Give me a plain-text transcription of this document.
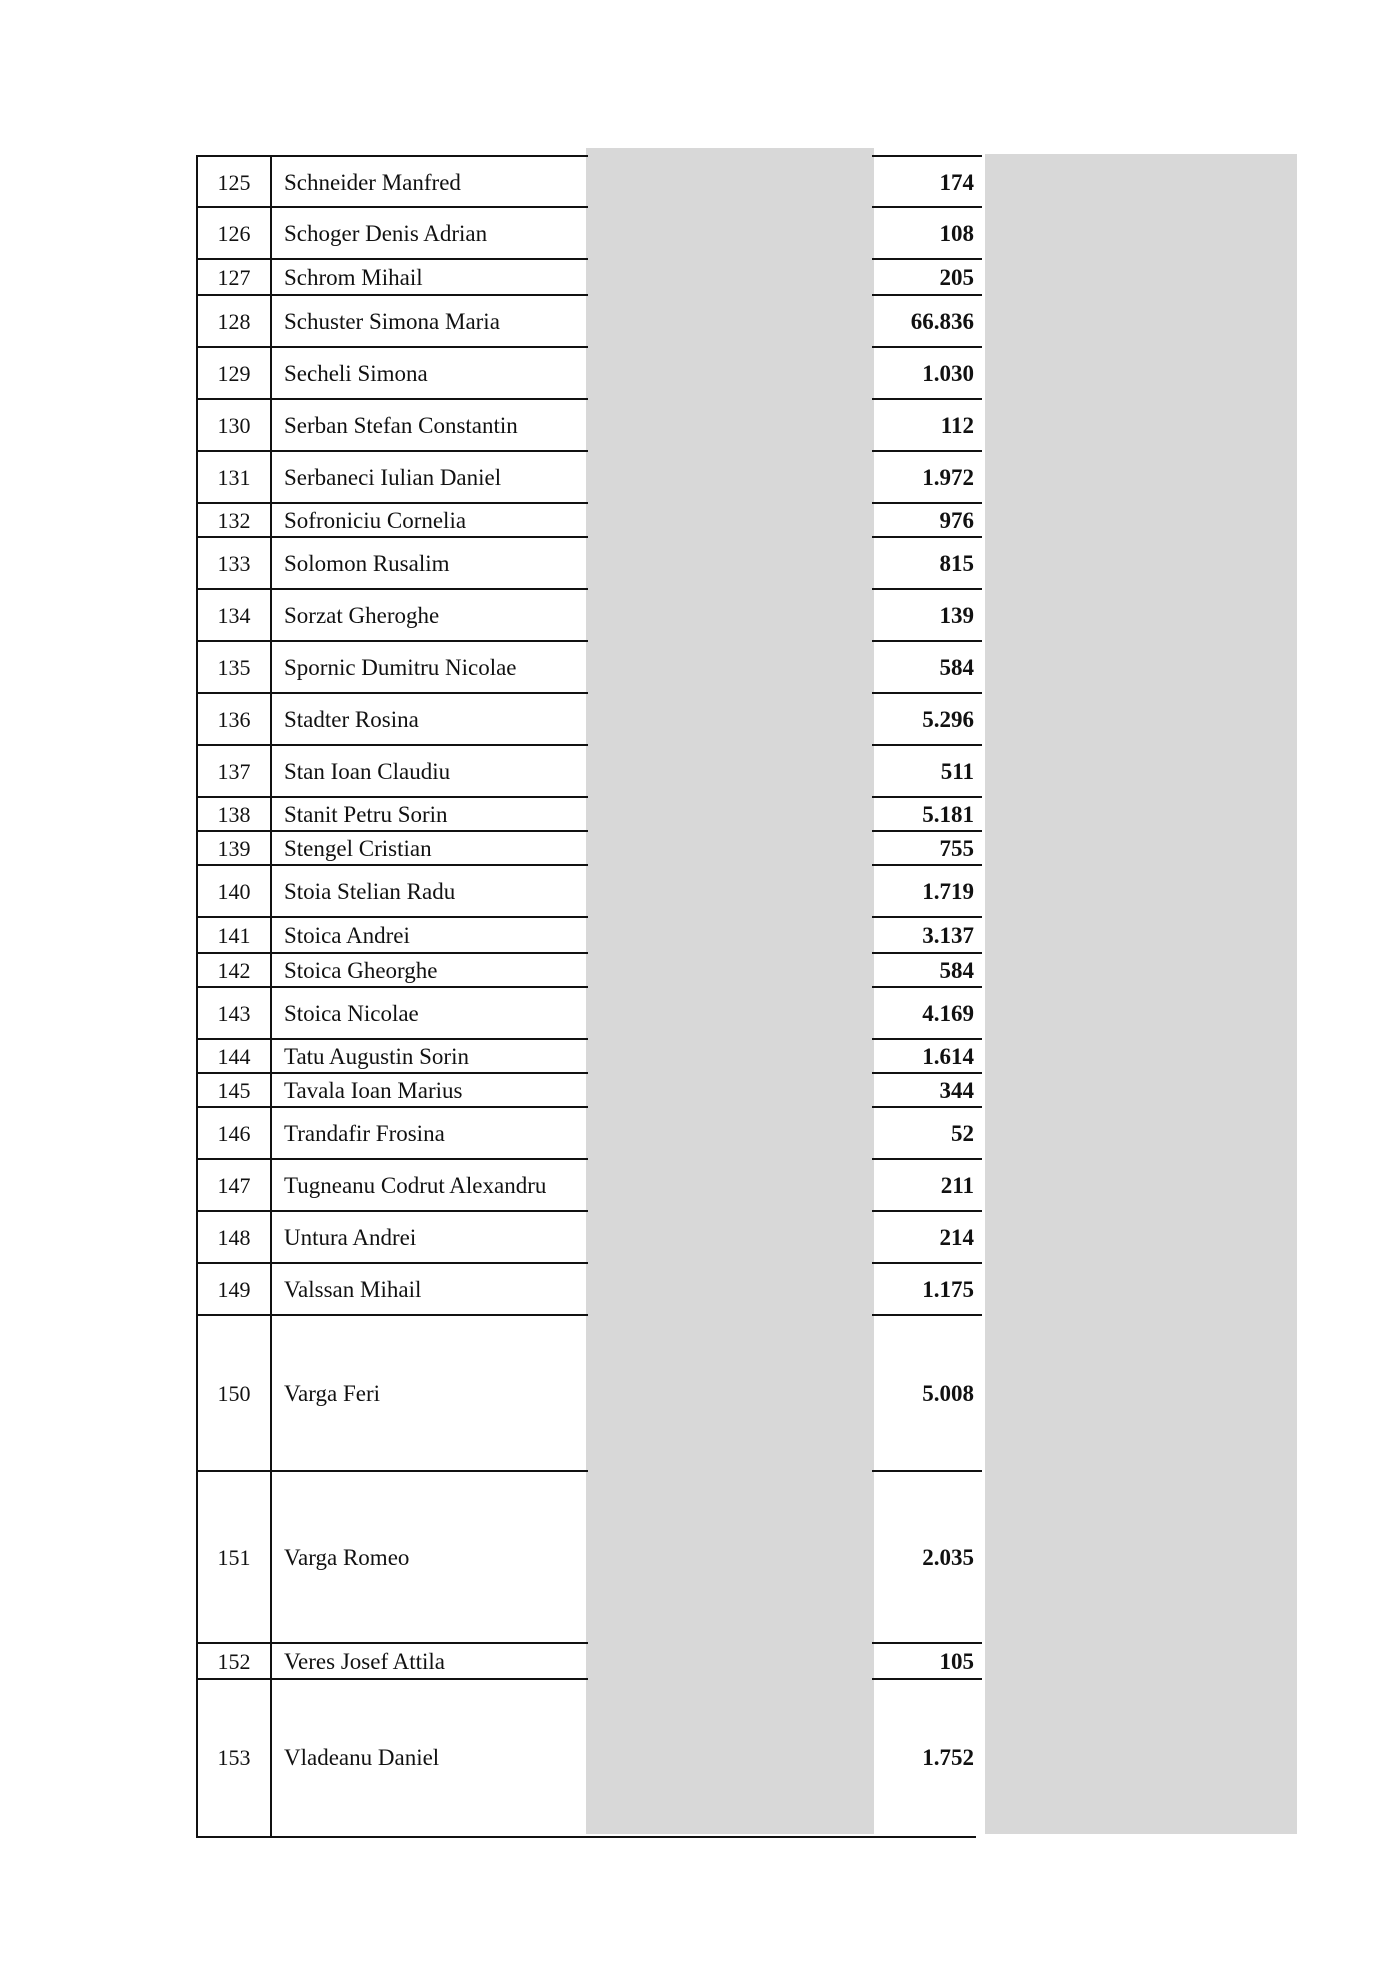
125	Schneider Manfred	174
126	Schoger Denis Adrian	108
127	Schrom Mihail	205
128	Schuster Simona Maria	66.836
129	Secheli Simona	1.030
130	Serban Stefan Constantin	112
131	Serbaneci Iulian Daniel	1.972
132	Sofroniciu Cornelia	976
133	Solomon Rusalim	815
134	Sorzat Gheroghe	139
135	Spornic Dumitru Nicolae	584
136	Stadter Rosina	5.296
137	Stan Ioan Claudiu	511
138	Stanit Petru Sorin	5.181
139	Stengel Cristian	755
140	Stoia Stelian Radu	1.719
141	Stoica Andrei	3.137
142	Stoica Gheorghe	584
143	Stoica Nicolae	4.169
144	Tatu Augustin Sorin	1.614
145	Tavala Ioan Marius	344
146	Trandafir Frosina	52
147	Tugneanu Codrut Alexandru	211
148	Untura Andrei	214
149	Valssan Mihail	1.175
150	Varga Feri	5.008
151	Varga Romeo	2.035
152	Veres Josef Attila	105
153	Vladeanu Daniel	1.752
